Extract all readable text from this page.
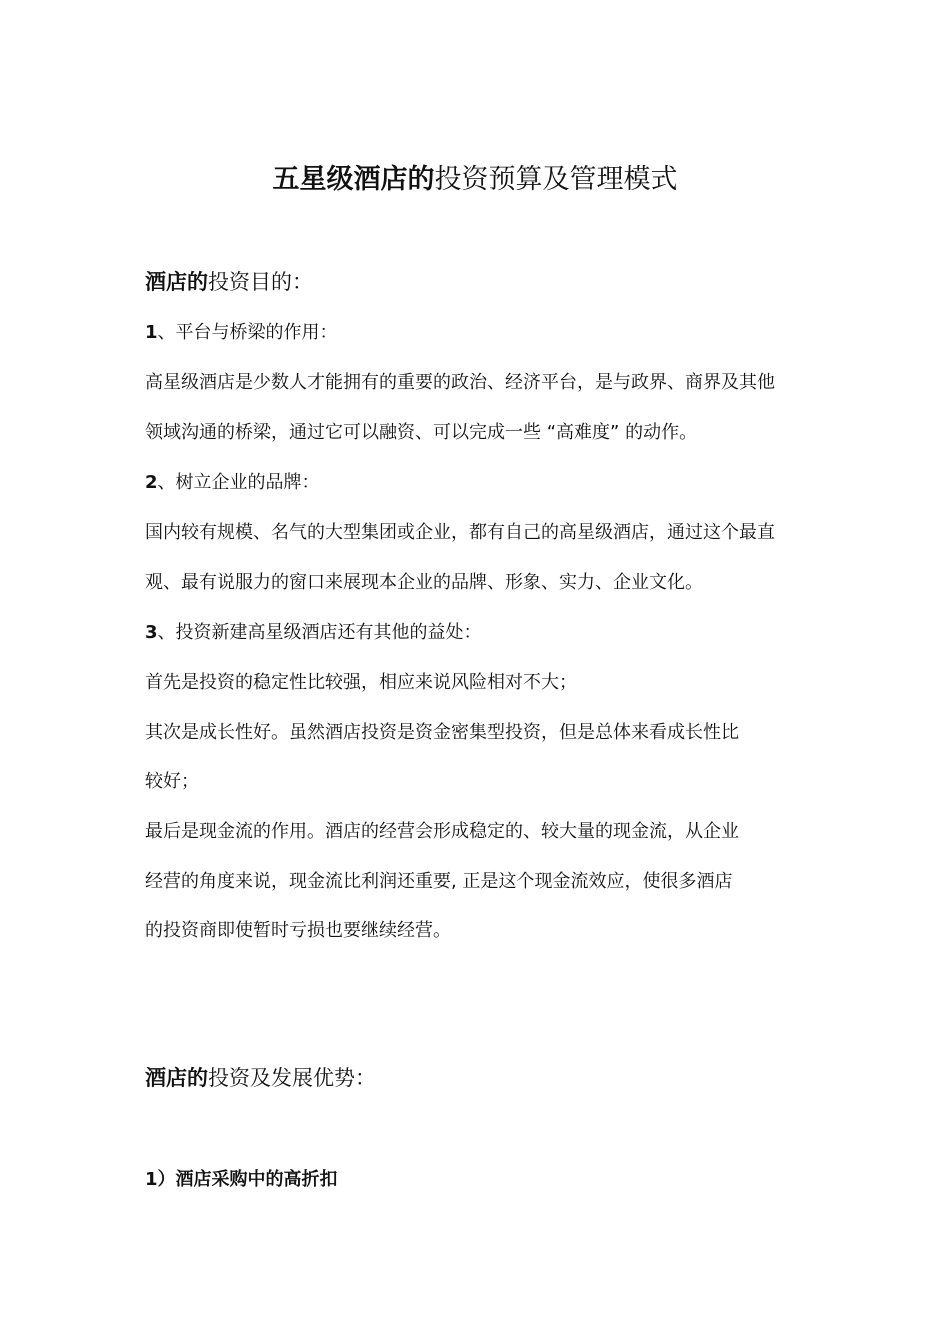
五星级酒店的投资预算及管理模式
酒店的投资目的：
1、平台与桥梁的作用：
高星级酒店是少数人才能拥有的重要的政治、经济平台，是与政界、商界及其他
领域沟通的桥梁，通过它可以融资、可以完成一些 “高难度” 的动作。
2、树立企业的品牌：
国内较有规模、名气的大型集团或企业，都有自己的高星级酒店，通过这个最直
观、最有说服力的窗口来展现本企业的品牌、形象、实力、企业文化。
3、投资新建高星级酒店还有其他的益处：
首先是投资的稳定性比较强，相应来说风险相对不大；
其次是成长性好。虽然酒店投资是资金密集型投资，但是总体来看成长性比
较好；
最后是现金流的作用。酒店的经营会形成稳定的、较大量的现金流，从企业
经营的角度来说，现金流比利润还重要, 正是这个现金流效应，使很多酒店
的投资商即使暂时亏损也要继续经营。
酒店的投资及发展优势：
1）酒店采购中的高折扣
